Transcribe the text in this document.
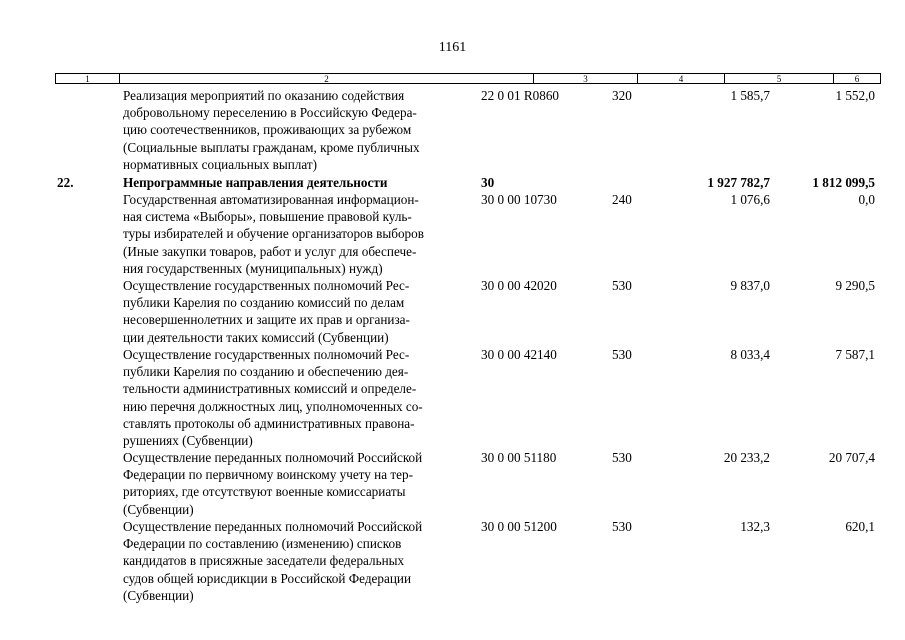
1161
1	2	3	4	5	6
Реализация мероприятий по оказанию содействия
добровольному переселению в Российскую Федера-
цию соотечественников, проживающих за рубежом
(Социальные выплаты гражданам, кроме публичных
нормативных социальных выплат)
22 0 01 R0860	320	1 585,7	1 552,0
22.	Непрограммные направления деятельности	30	1 927 782,7	1 812 099,5
Государственная автоматизированная информацион-
ная система «Выборы», повышение правовой куль-
туры избирателей и обучение организаторов выборов
(Иные закупки товаров, работ и услуг для обеспече-
ния государственных (муниципальных) нужд)
30 0 00 10730	240	1 076,6	0,0
Осуществление государственных полномочий Рес-
публики Карелия по созданию комиссий по делам
несовершеннолетних и защите их прав и организа-
ции деятельности таких комиссий (Субвенции)
30 0 00 42020	530	9 837,0	9 290,5
Осуществление государственных полномочий Рес-
публики Карелия по созданию и обеспечению дея-
тельности административных комиссий и определе-
нию перечня должностных лиц, уполномоченных со-
ставлять протоколы об административных правона-
рушениях (Субвенции)
30 0 00 42140	530	8 033,4	7 587,1
Осуществление переданных полномочий Российской
Федерации по первичному воинскому учету на тер-
риториях, где отсутствуют военные комиссариаты
(Субвенции)
30 0 00 51180	530	20 233,2	20 707,4
Осуществление переданных полномочий Российской
Федерации по составлению (изменению) списков
кандидатов в присяжные заседатели федеральных
судов общей юрисдикции в Российской Федерации
(Субвенции)
30 0 00 51200	530	132,3	620,1
